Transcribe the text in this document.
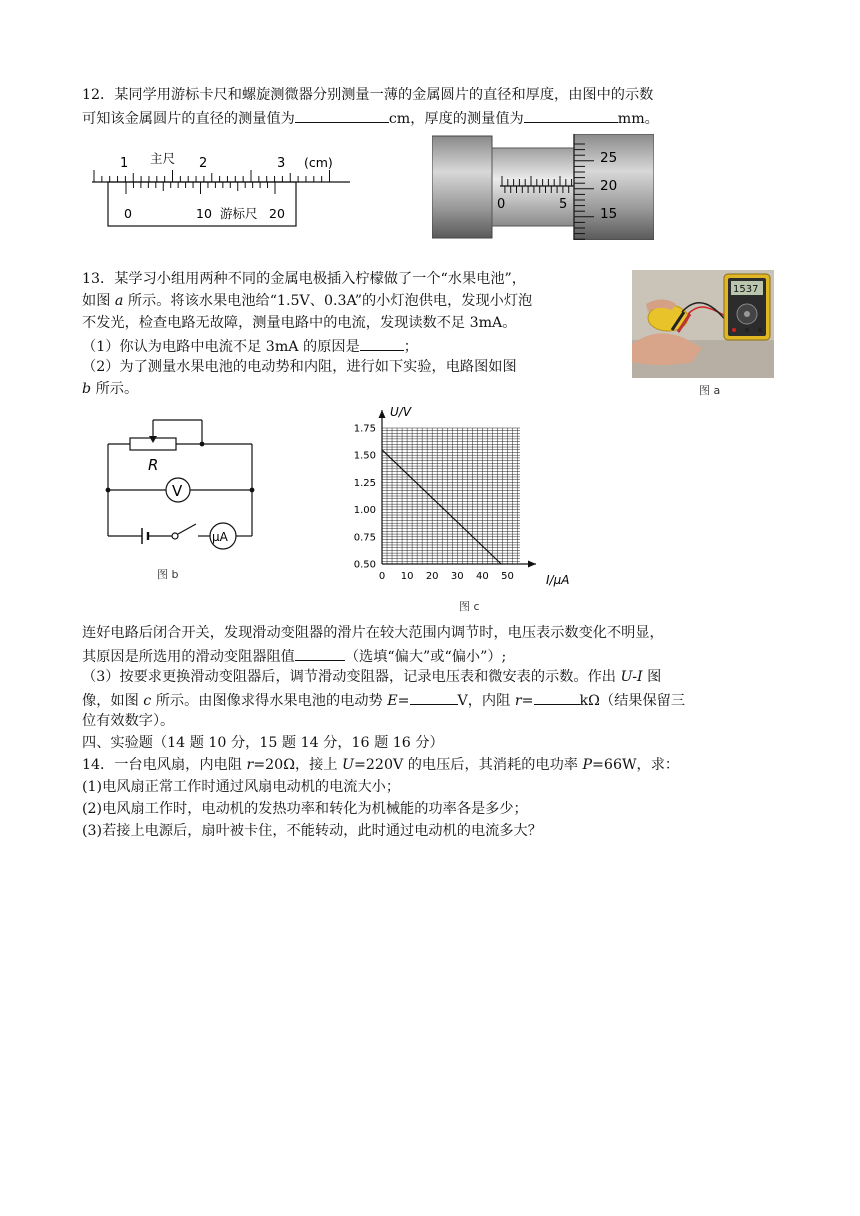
12．某同学用游标卡尺和螺旋测微器分别测量一薄的金属圆片的直径和厚度，由图中的示数
可知该金属圆片的直径的测量值为	cm，厚度的测量值为	mm。
1	2	3
主尺	(cm)
0	10	20
游标尺
0	5
25
20
15
13．某学习小组用两种不同的金属电极插入柠檬做了一个“水果电池”，
如图 a 所示。将该水果电池给“1.5V、0.3A”的小灯泡供电，发现小灯泡
不发光，检查电路无故障，测量电路中的电流，发现读数不足 3mA。
（1）你认为电路中电流不足 3mA 的原因是	；
（2）为了测量水果电池的电动势和内阻，进行如下实验，电路图如图
b 所示。
1537
图 a
R
V
μA
图 b	0 10 20 30 40 50
0.50
0.75
1.00
1.25
1.50
1.75
U/V
I/μA
图 c
连好电路后闭合开关，发现滑动变阻器的滑片在较大范围内调节时，电压表示数变化不明显，
其原因是所选用的滑动变阻器阻值	（选填“偏大”或“偏小”）;
（3）按要求更换滑动变阻器后，调节滑动变阻器，记录电压表和微安表的示数。作出 U-I 图
像，如图 c 所示。由图像求得水果电池的电动势 E=	V，内阻 r=	kΩ（结果保留三
位有效数字）。
四、实验题（14 题 10 分，15 题 14 分，16 题 16 分）
14．一台电风扇，内电阻 r=20Ω，接上 U=220V 的电压后，其消耗的电功率 P=66W，求：
(1)电风扇正常工作时通过风扇电动机的电流大小；
(2)电风扇工作时，电动机的发热功率和转化为机械能的功率各是多少；
(3)若接上电源后，扇叶被卡住，不能转动，此时通过电动机的电流多大？
